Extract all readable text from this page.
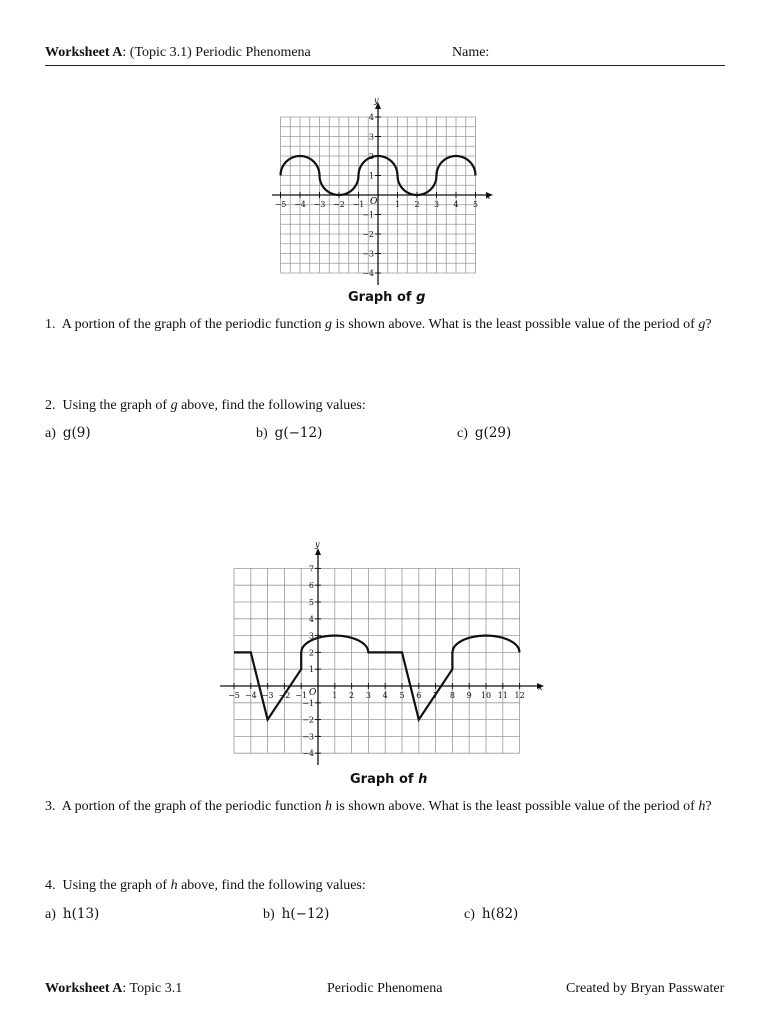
Worksheet A: (Topic 3.1) Periodic Phenomena	Name:
−5 −4 −3 −2 −1	1 2 3 4 5
1
2
3
4
−1
−2
−3
−4
y
x
O
Graph of g
1. A portion of the graph of the periodic function g is shown above. What is the least possible value of the period of g?
2. Using the graph of g above, find the following values:
a) g(9)	b) g(−12)	c) g(29)
−5 −4 −3 −2 −1	1 2 3 4 5 6 7 8 9 10 11 12
1
2
3
4
5
6
7
−1
−2
−3
−4
y
x
O
Graph of h
3. A portion of the graph of the periodic function h is shown above. What is the least possible value of the period of h?
4. Using the graph of h above, find the following values:
a) h(13)	b) h(−12)	c) h(82)
Worksheet A: Topic 3.1	Periodic Phenomena	Created by Bryan Passwater
